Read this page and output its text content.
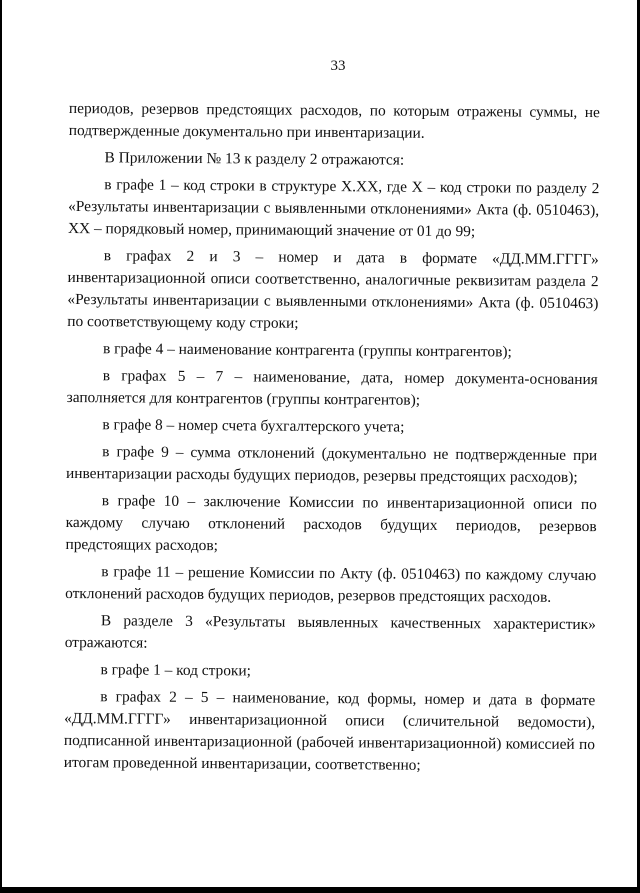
33

периодов, резервов предстоящих расходов, по которым отражены суммы, не подтвержденные документально при инвентаризации.

В Приложении № 13 к разделу 2 отражаются:

в графе 1 – код строки в структуре X.XX, где X – код строки по разделу 2 «Результаты инвентаризации с выявленными отклонениями» Акта (ф. 0510463), XX – порядковый номер, принимающий значение от 01 до 99;

в графах 2 и 3 – номер и дата в формате «ДД.ММ.ГГГГ» инвентаризационной описи соответственно, аналогичные реквизитам раздела 2 «Результаты инвентаризации с выявленными отклонениями» Акта (ф. 0510463) по соответствующему коду строки;

в графе 4 – наименование контрагента (группы контрагентов);

в графах 5 – 7 – наименование, дата, номер документа-основания заполняется для контрагентов (группы контрагентов);

в графе 8 – номер счета бухгалтерского учета;

в графе 9 – сумма отклонений (документально не подтвержденные при инвентаризации расходы будущих периодов, резервы предстоящих расходов);

в графе 10 – заключение Комиссии по инвентаризационной описи по каждому случаю отклонений расходов будущих периодов, резервов предстоящих расходов;

в графе 11 – решение Комиссии по Акту (ф. 0510463) по каждому случаю отклонений расходов будущих периодов, резервов предстоящих расходов.

В разделе 3 «Результаты выявленных качественных характеристик» отражаются:

в графе 1 – код строки;

в графах 2 – 5 – наименование, код формы, номер и дата в формате «ДД.ММ.ГГГГ» инвентаризационной описи (сличительной ведомости), подписанной инвентаризационной (рабочей инвентаризационной) комиссией по итогам проведенной инвентаризации, соответственно;
